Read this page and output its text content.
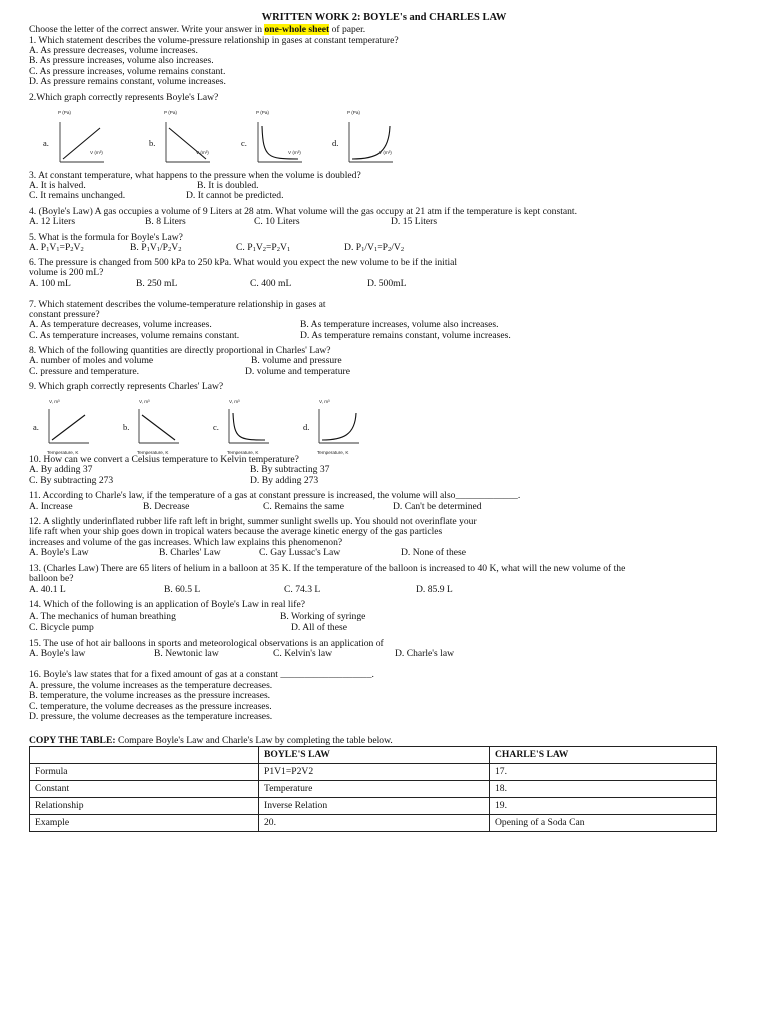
WRITTEN WORK 2: BOYLE's and CHARLES LAW
Choose the letter of the correct answer. Write your answer in one-whole sheet of paper.
1. Which statement describes the volume-pressure relationship in gases at constant temperature?
A. As pressure decreases, volume increases.
B. As pressure increases, volume also increases.
C. As pressure increases, volume remains constant.
D. As pressure remains constant, volume increases.
2.Which graph correctly represents Boyle's Law?
a.
P (Pa)
V (m³)
b.
P (Pa)
V (m³)
c.
P (Pa)
V (m³)
d.
P (Pa)
V (m³)
3. At constant temperature, what happens to the pressure when the volume is doubled?
A. It is halved.	B. It is doubled.
C. It remains unchanged.	D. It cannot be predicted.
4. (Boyle's Law) A gas occupies a volume of 9 Liters at 28 atm. What volume will the gas occupy at 21 atm if the temperature is kept constant.
A. 12 Liters	B. 8 Liters	C. 10 Liters	D. 15 Liters
5. What is the formula for Boyle's Law?
A. $P_1V_1=P_2V_2$	B. $P_1V_1/P_2V_2$	C. $P_1V_2=P_2V_1$	D. $P_1/V_1=P_2/V_2$
6. The pressure is changed from 500 kPa to 250 kPa. What would you expect the new volume to be if the initial
volume is 200 mL?
A. 100 mL	B. 250 mL	C. 400 mL	D. 500mL
7. Which statement describes the volume-temperature relationship in gases at
constant pressure?
A. As temperature decreases, volume increases.	B. As temperature increases, volume also increases.
C. As temperature increases, volume remains constant.	D. As temperature remains constant, volume increases.
8. Which of the following quantities are directly proportional in Charles' Law?
A. number of moles and volume	B. volume and pressure
C. pressure and temperature.	D. volume and temperature
9. Which graph correctly represents Charles' Law?
a.
V, m³
Temperature, K
b.
V, m³
Temperature, K
c.
V, m³
Temperature, K
d.
V, m³
Temperature, K
10. How can we convert a Celsius temperature to Kelvin temperature?
A. By adding 37	B. By subtracting 37
C. By subtracting 273	D. By adding 273
11. According to Charle's law, if the temperature of a gas at constant pressure is increased, the volume will also_____________.
A. Increase	B. Decrease	C. Remains the same	D. Can't be determined
12. A slightly underinflated rubber life raft left in bright, summer sunlight swells up. You should not overinflate your
life raft when your ship goes down in tropical waters because the average kinetic energy of the gas particles
increases and volume of the gas increases. Which law explains this phenomenon?
A. Boyle's Law	B. Charles' Law	C. Gay Lussac's Law	D. None of these
13. (Charles Law) There are 65 liters of helium in a balloon at 35 K. If the temperature of the balloon is increased to 40 K, what will the new volume of the
balloon be?
A. 40.1 L	B. 60.5 L	C. 74.3 L	D. 85.9 L
14. Which of the following is an application of Boyle's Law in real life?
A. The mechanics of human breathing	B. Working of syringe
C. Bicycle pump	D. All of these
15. The use of hot air balloons in sports and meteorological observations is an application of
A. Boyle's law	B. Newtonic law	C. Kelvin's law	D. Charle's law
16. Boyle's law states that for a fixed amount of gas at a constant ___________________.
A. pressure, the volume increases as the temperature decreases.
B. temperature, the volume increases as the pressure increases.
C. temperature, the volume decreases as the pressure increases.
D. pressure, the volume decreases as the temperature increases.
COPY THE TABLE: Compare Boyle's Law and Charle's Law by completing the table below.
	BOYLE'S LAW	CHARLE'S LAW
Formula	P1V1=P2V2	17.
Constant	Temperature	18.
Relationship	Inverse Relation	19.
Example	20.	Opening of a Soda Can
